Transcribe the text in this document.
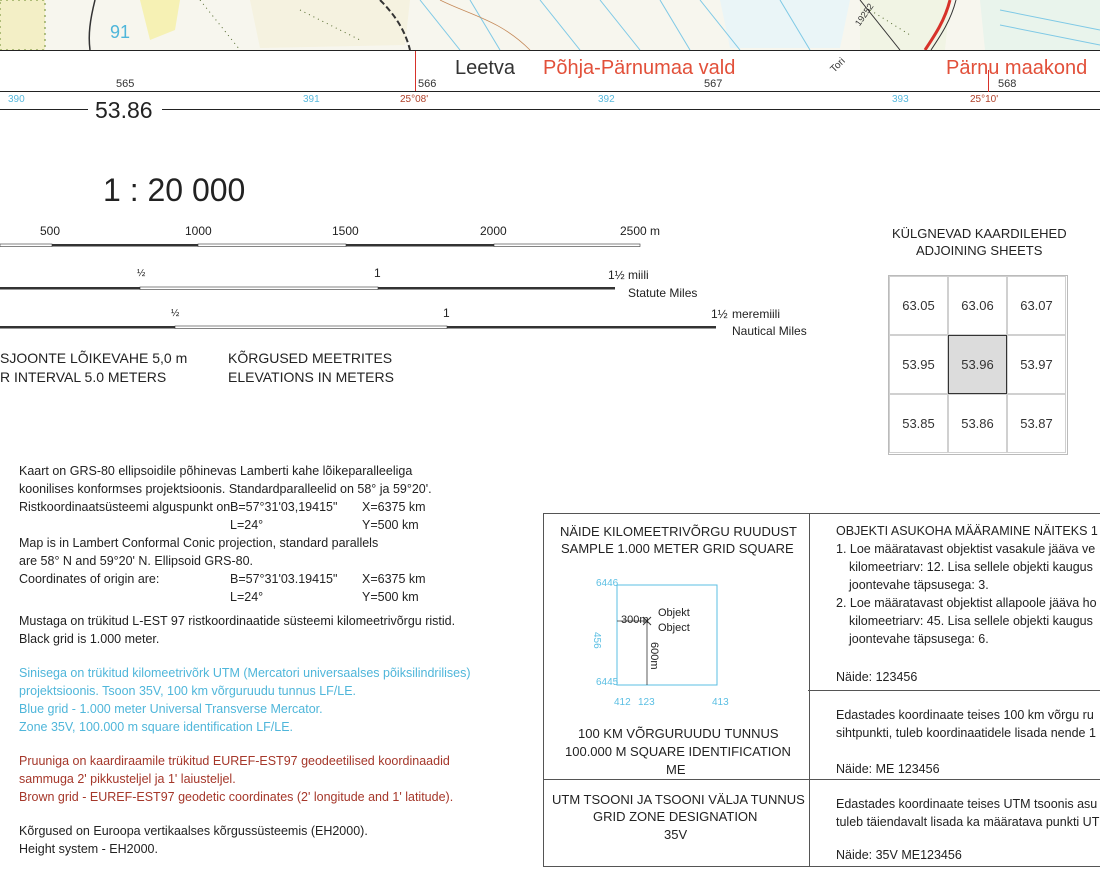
91
19252
565	566	567	568
390	391	392	393
25°08'	25°10'
Leetva Põhja-Pärnumaa vald	Pärnu maakond
Tori
53.86
1 : 20 000
500	1000	1500	2000	2500 m
½	1	1½ miili
Statute Miles
½	1	1½ meremiili
Nautical Miles
SJOONTE LÕIKEVAHE 5,0 m
R INTERVAL 5.0 METERS
KÕRGUSED MEETRITES
ELEVATIONS IN METERS
KÜLGNEVAD KAARDILEHED
ADJOINING SHEETS
63.05	63.06	63.07
53.95	53.96	53.97
53.85	53.86	53.87
Kaart on GRS-80 ellipsoidile põhinevas Lamberti kahe lõikeparalleeliga
koonilises konformses projektsioonis. Standardparalleelid on 58° ja 59°20'.
Ristkoordinaatsüsteemi alguspunkt on:
B=57°31'03,19415" X=6375 km
L=24°	Y=500 km
Map is in Lambert Conformal Conic projection, standard parallels
are 58° N and 59°20' N. Ellipsoid GRS-80.
Coordinates of origin are:	B=57°31'03.19415" X=6375 km
L=24°	Y=500 km
Mustaga on trükitud L-EST 97 ristkoordinaatide süsteemi kilomeetrivõrgu ristid.
Black grid is 1.000 meter.
Sinisega on trükitud kilomeetrivõrk UTM (Mercatori universaalses põiksilindrilises)
projektsioonis. Tsoon 35V, 100 km võrguruudu tunnus LF/LE.
Blue grid - 1.000 meter Universal Transverse Mercator.
Zone 35V, 100.000 m square identification LF/LE.
Pruuniga on kaardiraamile trükitud EUREF-EST97 geodeetilised koordinaadid
sammuga 2' pikkusteljel ja 1' laiusteljel.
Brown grid - EUREF-EST97 geodetic coordinates (2' longitude and 1' latitude).
Kõrgused on Euroopa vertikaalses kõrgussüsteemis (EH2000).
Height system - EH2000.
NÄIDE KILOMEETRIVÕRGU RUUDUST
SAMPLE 1.000 METER GRID SQUARE
6446
6445
412 123	413
456
300m
600m
Objekt
Object
100 KM VÕRGURUUDU TUNNUS
100.000 M SQUARE IDENTIFICATION
ME
UTM TSOONI JA TSOONI VÄLJA TUNNUS
GRID ZONE DESIGNATION
35V
OBJEKTI ASUKOHA MÄÄRAMINE NÄITEKS 1
1. Loe määratavast objektist vasakule jääva ve
kilomeetriarv: 12. Lisa sellele objekti kaugus
joontevahe täpsusega: 3.
2. Loe määratavast objektist allapoole jääva ho
kilomeetriarv: 45. Lisa sellele objekti kaugus
joontevahe täpsusega: 6.
Näide: 123456
Edastades koordinaate teises 100 km võrgu ru
sihtpunkti, tuleb koordinaatidele lisada nende 1
Näide: ME 123456
Edastades koordinaate teises UTM tsoonis asu
tuleb täiendavalt lisada ka määratava punkti UT
Näide: 35V ME123456
